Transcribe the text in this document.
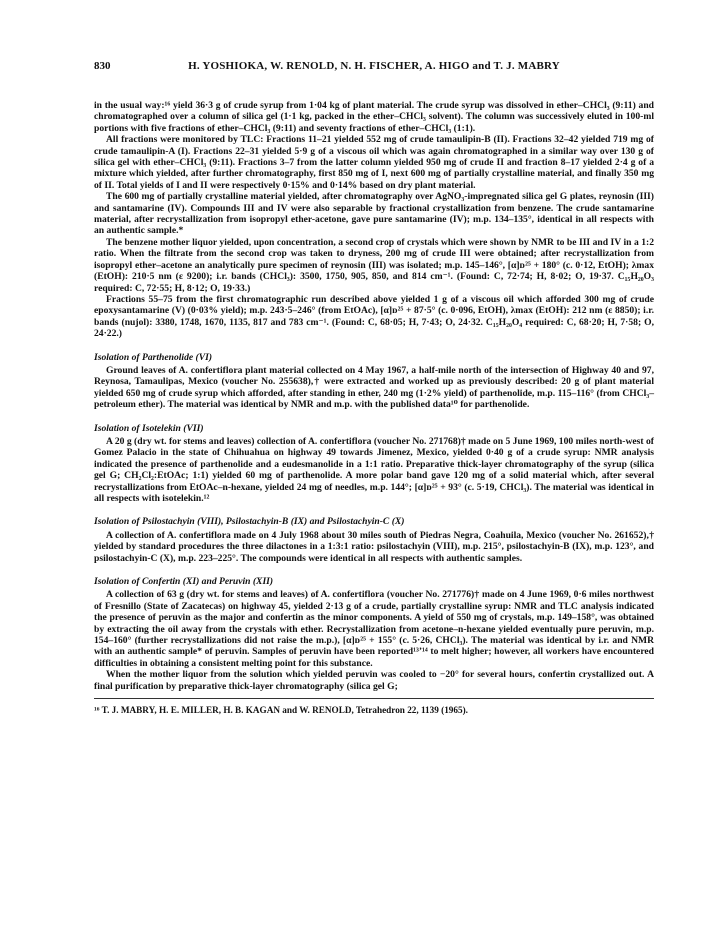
830	H. YOSHIOKA, W. RENOLD, N. H. FISCHER, A. HIGO and T. J. MABRY

in the usual way:¹⁶ yield 36·3 g of crude syrup from 1·04 kg of plant material. The crude syrup was dissolved in ether–CHCl₃ (9:11) and chromatographed over a column of silica gel (1·1 kg, packed in the ether–CHCl₃ solvent). The column was successively eluted in 100-ml portions with five fractions of ether–CHCl₃ (9:11) and seventy fractions of ether–CHCl₃ (1:1).

All fractions were monitored by TLC: Fractions 11–21 yielded 552 mg of crude tamaulipin-B (II). Fractions 32–42 yielded 719 mg of crude tamaulipin-A (I). Fractions 22–31 yielded 5·9 g of a viscous oil which was again chromatographed in a similar way over 130 g of silica gel with ether–CHCl₃ (9:11). Fractions 3–7 from the latter column yielded 950 mg of crude II and fraction 8–17 yielded 2·4 g of a mixture which yielded, after further chromatography, first 850 mg of I, next 600 mg of partially crystalline material, and finally 350 mg of II. Total yields of I and II were respectively 0·15% and 0·14% based on dry plant material.

The 600 mg of partially crystalline material yielded, after chromatography over AgNO₃-impregnated silica gel G plates, reynosin (III) and santamarine (IV). Compounds III and IV were also separable by fractional crystallization from benzene. The crude santamarine material, after recrystallization from isopropyl ether-acetone, gave pure santamarine (IV); m.p. 134–135°, identical in all respects with an authentic sample.*

The benzene mother liquor yielded, upon concentration, a second crop of crystals which were shown by NMR to be III and IV in a 1:2 ratio. When the filtrate from the second crop was taken to dryness, 200 mg of crude III were obtained; after recrystallization from isopropyl ether–acetone an analytically pure specimen of reynosin (III) was isolated; m.p. 145–146°, [α]ᴅ²⁵ + 180° (c. 0·12, EtOH); λmax (EtOH): 210·5 nm (ε 9200); i.r. bands (CHCl₃): 3500, 1750, 905, 850, and 814 cm⁻¹. (Found: C, 72·74; H, 8·02; O, 19·37. C₁₅H₂₀O₃ required: C, 72·55; H, 8·12; O, 19·33.)

Fractions 55–75 from the first chromatographic run described above yielded 1 g of a viscous oil which afforded 300 mg of crude epoxysantamarine (V) (0·03% yield); m.p. 243·5–246° (from EtOAc), [α]ᴅ²⁵ + 87·5° (c. 0·096, EtOH), λmax (EtOH): 212 nm (ε 8850); i.r. bands (nujol): 3380, 1748, 1670, 1135, 817 and 783 cm⁻¹. (Found: C, 68·05; H, 7·43; O, 24·32. C₁₅H₂₀O₄ required: C, 68·20; H, 7·58; O, 24·22.)

Isolation of Parthenolide (VI)

Ground leaves of A. confertiflora plant material collected on 4 May 1967, a half-mile north of the intersection of Highway 40 and 97, Reynosa, Tamaulipas, Mexico (voucher No. 255638),† were extracted and worked up as previously described: 20 g of plant material yielded 650 mg of crude syrup which afforded, after standing in ether, 240 mg (1·2% yield) of parthenolide, m.p. 115–116° (from CHCl₃–petroleum ether). The material was identical by NMR and m.p. with the published data¹⁰ for parthenolide.

Isolation of Isotelekin (VII)

A 20 g (dry wt. for stems and leaves) collection of A. confertiflora (voucher No. 271768)† made on 5 June 1969, 100 miles north-west of Gomez Palacio in the state of Chihuahua on highway 49 towards Jimenez, Mexico, yielded 0·40 g of a crude syrup: NMR analysis indicated the presence of parthenolide and a eudesmanolide in a 1:1 ratio. Preparative thick-layer chromatography of the syrup (silica gel G; CH₂Cl₂:EtOAc; 1:1) yielded 60 mg of parthenolide. A more polar band gave 120 mg of a solid material which, after several recrystallizations from EtOAc–n-hexane, yielded 24 mg of needles, m.p. 144°; [α]ᴅ²⁵ + 93° (c. 5·19, CHCl₃). The material was identical in all respects with isotelekin.¹²

Isolation of Psilostachyin (VIII), Psilostachyin-B (IX) and Psilostachyin-C (X)

A collection of A. confertiflora made on 4 July 1968 about 30 miles south of Piedras Negra, Coahuila, Mexico (voucher No. 261652),† yielded by standard procedures the three dilactones in a 1:3:1 ratio: psilostachyin (VIII), m.p. 215°, psilostachyin-B (IX), m.p. 123°, and psilostachyin-C (X), m.p. 223–225°. The compounds were identical in all respects with authentic samples.

Isolation of Confertin (XI) and Peruvin (XII)

A collection of 63 g (dry wt. for stems and leaves) of A. confertiflora (voucher No. 271776)† made on 4 June 1969, 0·6 miles northwest of Fresnillo (State of Zacatecas) on highway 45, yielded 2·13 g of a crude, partially crystalline syrup: NMR and TLC analysis indicated the presence of peruvin as the major and confertin as the minor components. A yield of 550 mg of crystals, m.p. 149–158°, was obtained by extracting the oil away from the crystals with ether. Recrystallization from acetone–n-hexane yielded eventually pure peruvin, m.p. 154–160° (further recrystallizations did not raise the m.p.), [α]ᴅ²⁵ + 155° (c. 5·26, CHCl₃). The material was identical by i.r. and NMR with an authentic sample* of peruvin. Samples of peruvin have been reported¹³ʼ¹⁴ to melt higher; however, all workers have encountered difficulties in obtaining a consistent melting point for this substance.

When the mother liquor from the solution which yielded peruvin was cooled to −20° for several hours, confertin crystallized out. A final purification by preparative thick-layer chromatography (silica gel G;

¹⁶ T. J. MABRY, H. E. MILLER, H. B. KAGAN and W. RENOLD, Tetrahedron 22, 1139 (1965).
